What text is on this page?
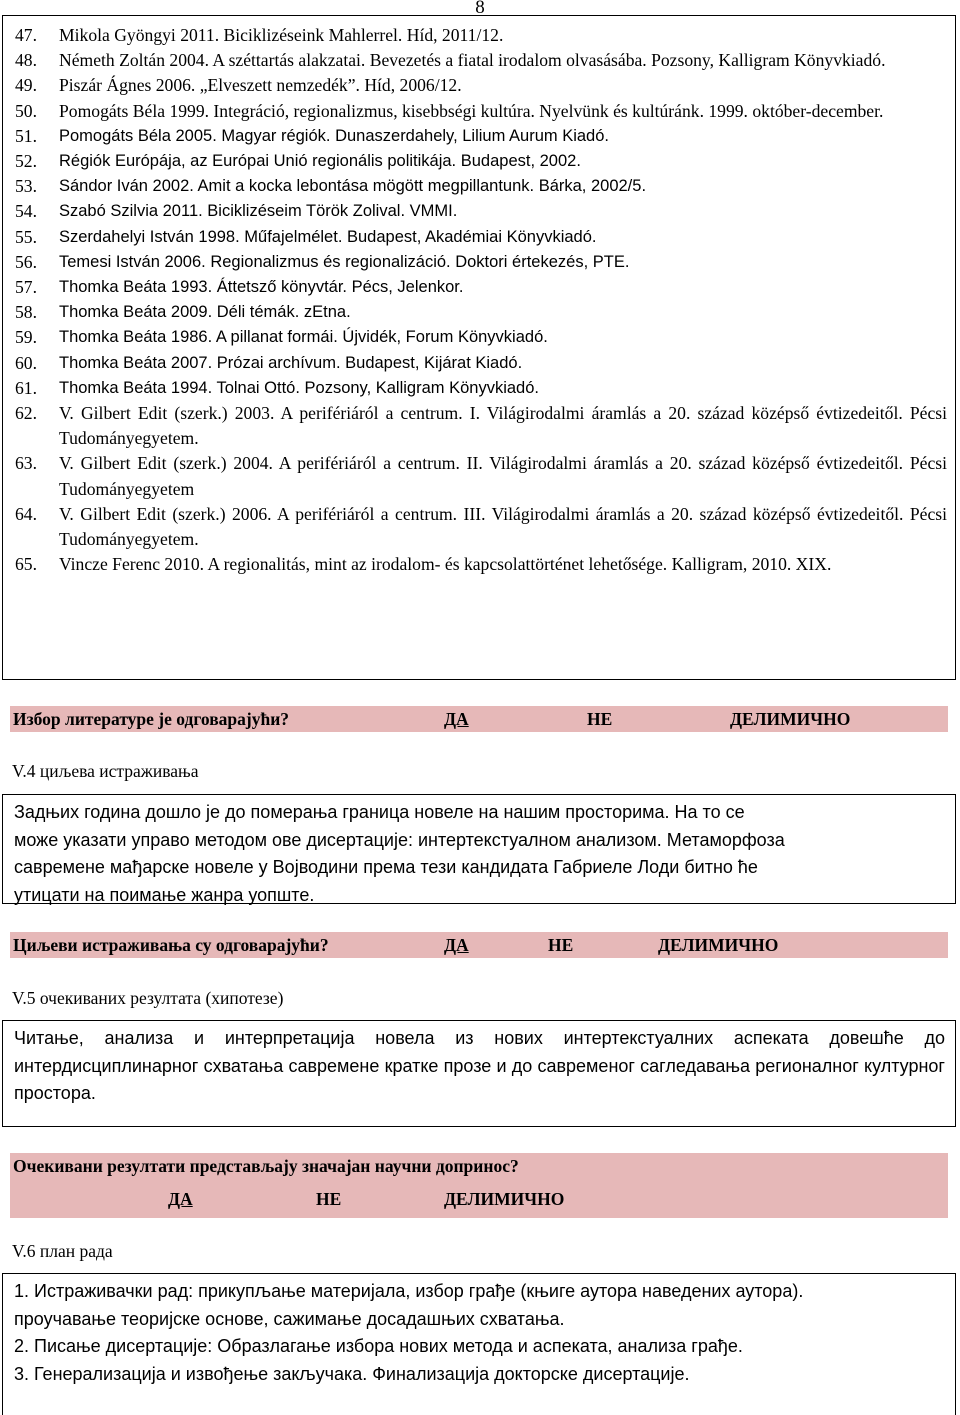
8
47.	Mikola Gyöngyi 2011. Biciklizéseink Mahlerrel. Híd, 2011/12.
48.	Németh Zoltán 2004. A széttartás alakzatai. Bevezetés a fiatal irodalom olvasásába. Pozsony, Kalligram Könyvkiadó.
49.	Piszár Ágnes 2006. „Elveszett nemzedék”. Híd, 2006/12.
50.	Pomogáts Béla 1999. Integráció, regionalizmus, kisebbségi kultúra. Nyelvünk és kultúránk. 1999. október-december.
51.	Pomogáts Béla 2005. Magyar régiók. Dunaszerdahely, Lilium Aurum Kiadó.
52.	Régiók Európája, az Európai Unió regionális politikája. Budapest, 2002.
53.	Sándor Iván 2002. Amit a kocka lebontása mögött megpillantunk. Bárka, 2002/5.
54.	Szabó Szilvia 2011. Biciklizéseim Török Zolival. VMMI.
55.	Szerdahelyi István 1998. Műfajelmélet. Budapest, Akadémiai Könyvkiadó.
56.	Temesi István 2006. Regionalizmus és regionalizáció. Doktori értekezés, PTE.
57.	Thomka Beáta 1993. Áttetsző könyvtár. Pécs, Jelenkor.
58.	Thomka Beáta 2009. Déli témák. zEtna.
59.	Thomka Beáta 1986. A pillanat formái. Újvidék, Forum Könyvkiadó.
60.	Thomka Beáta 2007. Prózai archívum. Budapest, Kijárat Kiadó.
61.	Thomka Beáta 1994. Tolnai Ottó. Pozsony, Kalligram Könyvkiadó.
62.	V. Gilbert Edit (szerk.) 2003. A perifériáról a centrum. I. Világirodalmi áramlás a 20. század középső évtizedeitől. Pécsi Tudományegyetem.
63.	V. Gilbert Edit (szerk.) 2004. A perifériáról a centrum. II. Világirodalmi áramlás a 20. század középső évtizedeitől. Pécsi Tudományegyetem
64.	V. Gilbert Edit (szerk.) 2006. A perifériáról a centrum. III. Világirodalmi áramlás a 20. század középső évtizedeitől. Pécsi Tudományegyetem.
65.	Vincze Ferenc 2010. A regionalitás, mint az irodalom- és kapcsolattörténet lehetősége. Kalligram, 2010. XIX.
Избор литературе је одговарајући?	ДА	НЕ	ДЕЛИМИЧНО
V.4 циљева истраживања

Задњих година дошло је до померања граница новеле на нашим просторима. На то се

може указати управо методом ове дисертације: интертекстуалном анализом. Метаморфоза

савремене мађарске новеле у Војводини према тези кандидата Габриеле Лоди битно ће

утицати на поимање жанра уопште.

Циљеви истраживања су одговарајући?	ДА	НЕ	ДЕЛИМИЧНО
V.5 очекиваних резултата (хипотезе)

Читање, анализа и интерпретација новела из нових интертекстуалних аспеката довешће до интердисциплинарног схватања савремене кратке прозе и до савременог сагледавања регионалног културног простора.

Очекивани резултати представљају значајан научни допринос?
ДА	НЕ	ДЕЛИМИЧНО
V.6 план рада

1. Истраживачки рад: прикупљање материјала, избор грађе (књиге аутора наведених аутора).

проучавање теоријске основе, сажимање досадашњих схватања.

2. Писање дисертације: Образлагање избора нових метода и аспеката, анализа грађе.

3. Генерализација и извођење закључака. Финализација докторске дисертације.
